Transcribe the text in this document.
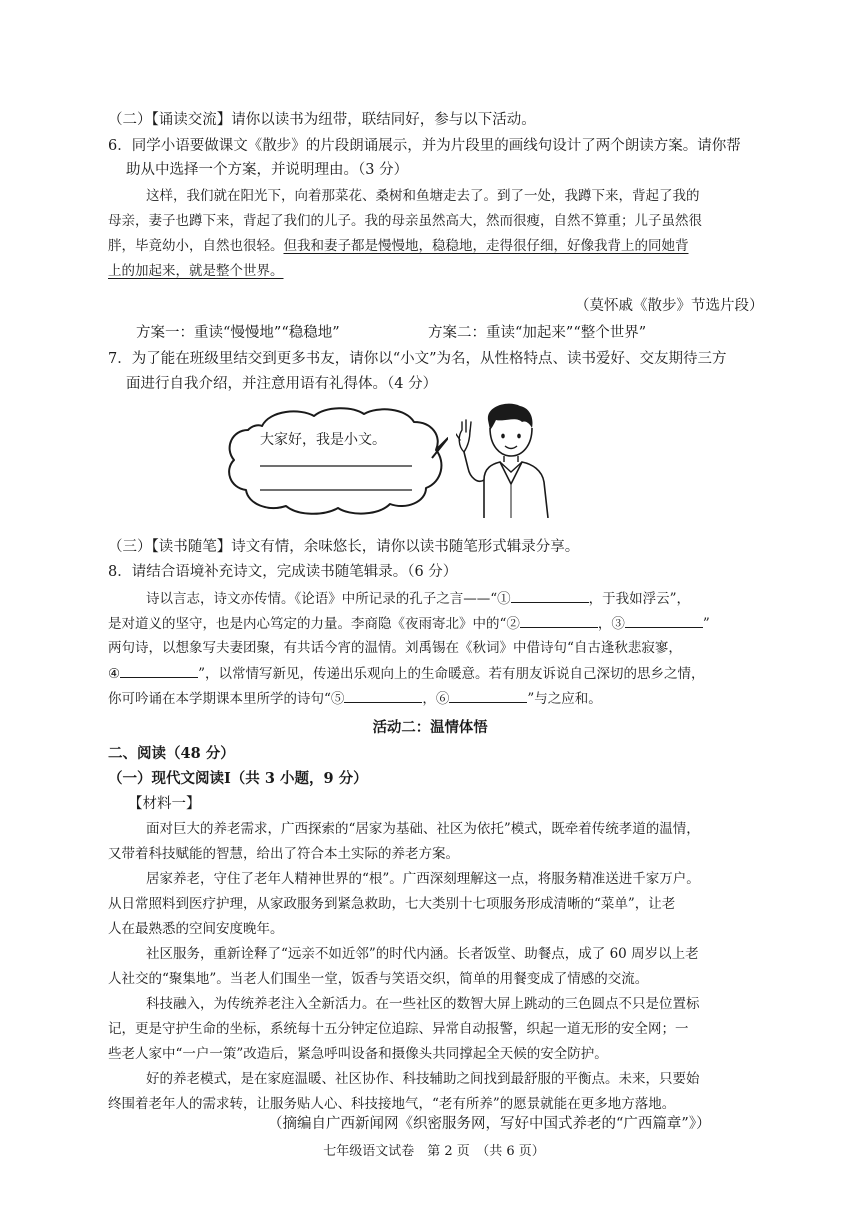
（二）【诵读交流】请你以读书为纽带，联结同好，参与以下活动。
6．同学小语要做课文《散步》的片段朗诵展示，并为片段里的画线句设计了两个朗读方案。请你帮
助从中选择一个方案，并说明理由。（3 分）
这样，我们就在阳光下，向着那菜花、桑树和鱼塘走去了。到了一处，我蹲下来，背起了我的
母亲，妻子也蹲下来，背起了我们的儿子。我的母亲虽然高大，然而很瘦，自然不算重；儿子虽然很
胖，毕竟幼小，自然也很轻。但我和妻子都是慢慢地，稳稳地，走得很仔细，好像我背上的同她背
上的加起来，就是整个世界。
（莫怀戚《散步》节选片段）
方案一：重读“慢慢地”“稳稳地”	方案二：重读“加起来”“整个世界”
7．为了能在班级里结交到更多书友，请你以“小文”为名，从性格特点、读书爱好、交友期待三方
面进行自我介绍，并注意用语有礼得体。（4 分）
大家好，我是小文。
（三）【读书随笔】诗文有情，余味悠长，请你以读书随笔形式辑录分享。
8．请结合语境补充诗文，完成读书随笔辑录。（6 分）
诗以言志，诗文亦传情。《论语》中所记录的孔子之言——“①	，于我如浮云”，
是对道义的坚守，也是内心笃定的力量。李商隐《夜雨寄北》中的“②	，③	”
两句诗，以想象写夫妻团聚，有共话今宵的温情。刘禹锡在《秋词》中借诗句“自古逢秋悲寂寥，
④	”，以常情写新见，传递出乐观向上的生命暖意。若有朋友诉说自己深切的思乡之情，
你可吟诵在本学期课本里所学的诗句“⑤	，⑥	”与之应和。
活动二：温情体悟
二、阅读（48 分）
（一）现代文阅读Ⅰ（共 3 小题，9 分）
【材料一】
面对巨大的养老需求，广西探索的“居家为基础、社区为依托”模式，既牵着传统孝道的温情，
又带着科技赋能的智慧，给出了符合本土实际的养老方案。
居家养老，守住了老年人精神世界的“根”。广西深刻理解这一点，将服务精准送进千家万户。
从日常照料到医疗护理，从家政服务到紧急救助，七大类别十七项服务形成清晰的“菜单”，让老
人在最熟悉的空间安度晚年。
社区服务，重新诠释了“远亲不如近邻”的时代内涵。长者饭堂、助餐点，成了 60 周岁以上老
人社交的“聚集地”。当老人们围坐一堂，饭香与笑语交织，简单的用餐变成了情感的交流。
科技融入，为传统养老注入全新活力。在一些社区的数智大屏上跳动的三色圆点不只是位置标
记，更是守护生命的坐标，系统每十五分钟定位追踪、异常自动报警，织起一道无形的安全网；一
些老人家中“一户一策”改造后，紧急呼叫设备和摄像头共同撑起全天候的安全防护。
好的养老模式，是在家庭温暖、社区协作、科技辅助之间找到最舒服的平衡点。未来，只要始
终围着老年人的需求转，让服务贴人心、科技接地气，“老有所养”的愿景就能在更多地方落地。
（摘编自广西新闻网《织密服务网，写好中国式养老的“广西篇章”》）
七年级语文试卷　第 2 页　（共 6 页）
